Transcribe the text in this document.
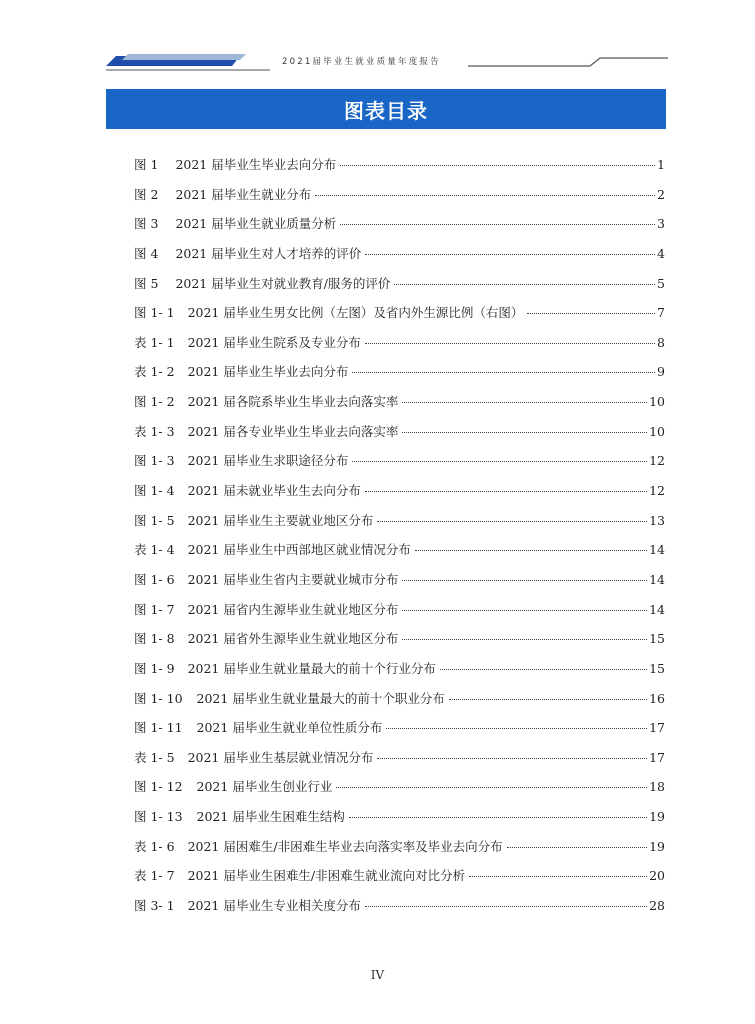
2021届毕业生就业质量年度报告
图表目录
图 1 2021 届毕业生毕业去向分布	1
图 2 2021 届毕业生就业分布	2
图 3 2021 届毕业生就业质量分析	3
图 4 2021 届毕业生对人才培养的评价	4
图 5 2021 届毕业生对就业教育/服务的评价	5
图 1- 1 2021 届毕业生男女比例（左图）及省内外生源比例（右图）	7
表 1- 1 2021 届毕业生院系及专业分布	8
表 1- 2 2021 届毕业生毕业去向分布	9
图 1- 2 2021 届各院系毕业生毕业去向落实率	10
表 1- 3 2021 届各专业毕业生毕业去向落实率	10
图 1- 3 2021 届毕业生求职途径分布	12
图 1- 4 2021 届未就业毕业生去向分布	12
图 1- 5 2021 届毕业生主要就业地区分布	13
表 1- 4 2021 届毕业生中西部地区就业情况分布	14
图 1- 6 2021 届毕业生省内主要就业城市分布	14
图 1- 7 2021 届省内生源毕业生就业地区分布	14
图 1- 8 2021 届省外生源毕业生就业地区分布	15
图 1- 9 2021 届毕业生就业量最大的前十个行业分布	15
图 1- 10 2021 届毕业生就业量最大的前十个职业分布	16
图 1- 11 2021 届毕业生就业单位性质分布	17
表 1- 5 2021 届毕业生基层就业情况分布	17
图 1- 12 2021 届毕业生创业行业	18
图 1- 13 2021 届毕业生困难生结构	19
表 1- 6 2021 届困难生/非困难生毕业去向落实率及毕业去向分布	19
表 1- 7 2021 届毕业生困难生/非困难生就业流向对比分析	20
图 3- 1 2021 届毕业生专业相关度分布	28
IV
